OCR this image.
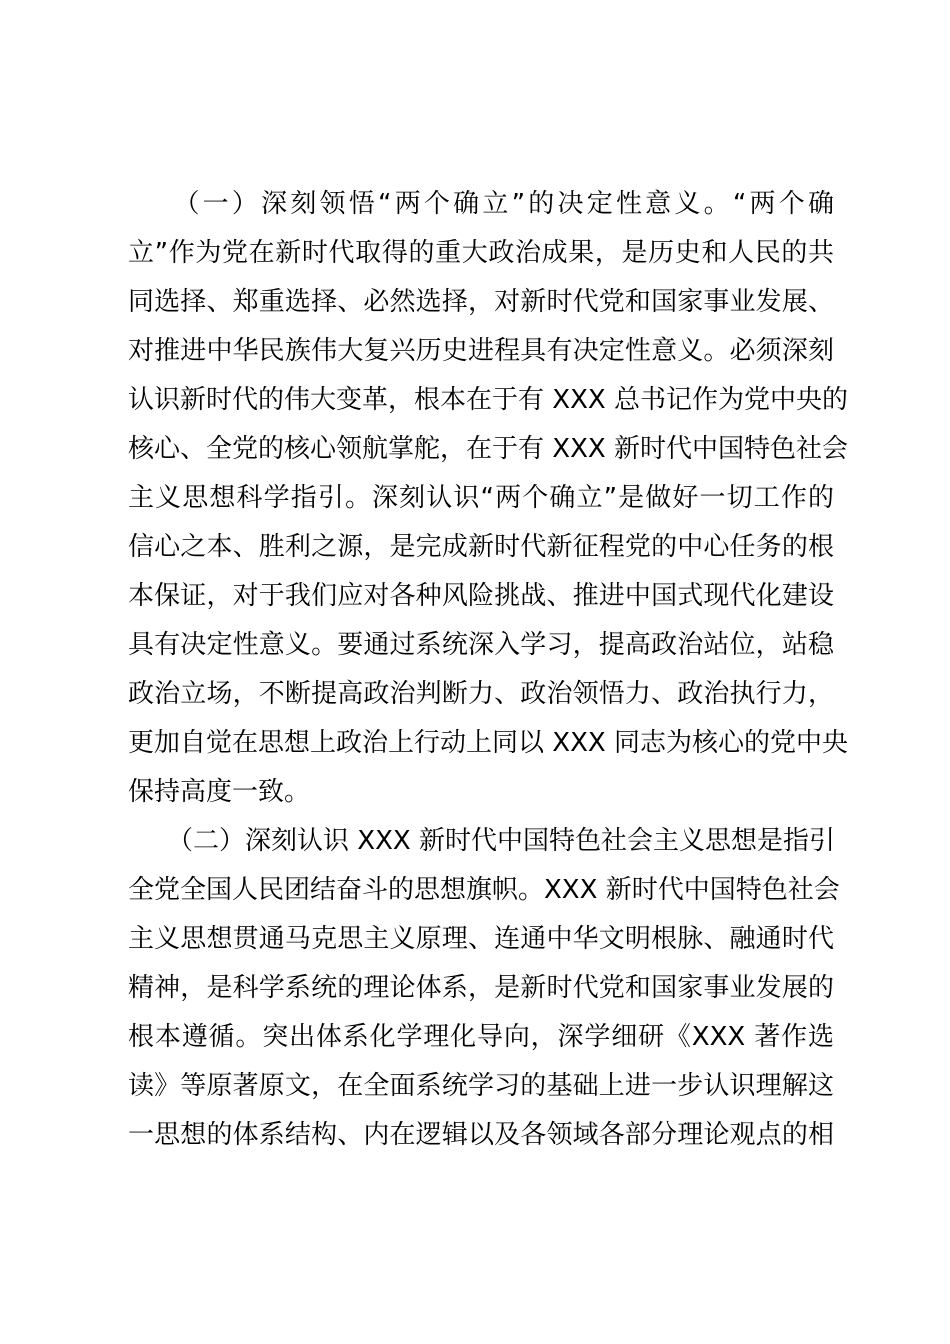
　　（一）深刻领悟“两个确立”的决定性意义。“两个确
立”作为党在新时代取得的重大政治成果，是历史和人民的共
同选择、郑重选择、必然选择，对新时代党和国家事业发展、
对推进中华民族伟大复兴历史进程具有决定性意义。必须深刻
认识新时代的伟大变革，根本在于有 XXX 总书记作为党中央的
核心、全党的核心领航掌舵，在于有 XXX 新时代中国特色社会
主义思想科学指引。深刻认识“两个确立”是做好一切工作的
信心之本、胜利之源，是完成新时代新征程党的中心任务的根
本保证，对于我们应对各种风险挑战、推进中国式现代化建设
具有决定性意义。要通过系统深入学习，提高政治站位，站稳
政治立场，不断提高政治判断力、政治领悟力、政治执行力，
更加自觉在思想上政治上行动上同以 XXX 同志为核心的党中央
保持高度一致。
　　（二）深刻认识 XXX 新时代中国特色社会主义思想是指引
全党全国人民团结奋斗的思想旗帜。XXX 新时代中国特色社会
主义思想贯通马克思主义原理、连通中华文明根脉、融通时代
精神，是科学系统的理论体系，是新时代党和国家事业发展的
根本遵循。突出体系化学理化导向，深学细研《XXX 著作选
读》等原著原文，在全面系统学习的基础上进一步认识理解这
一思想的体系结构、内在逻辑以及各领域各部分理论观点的相
